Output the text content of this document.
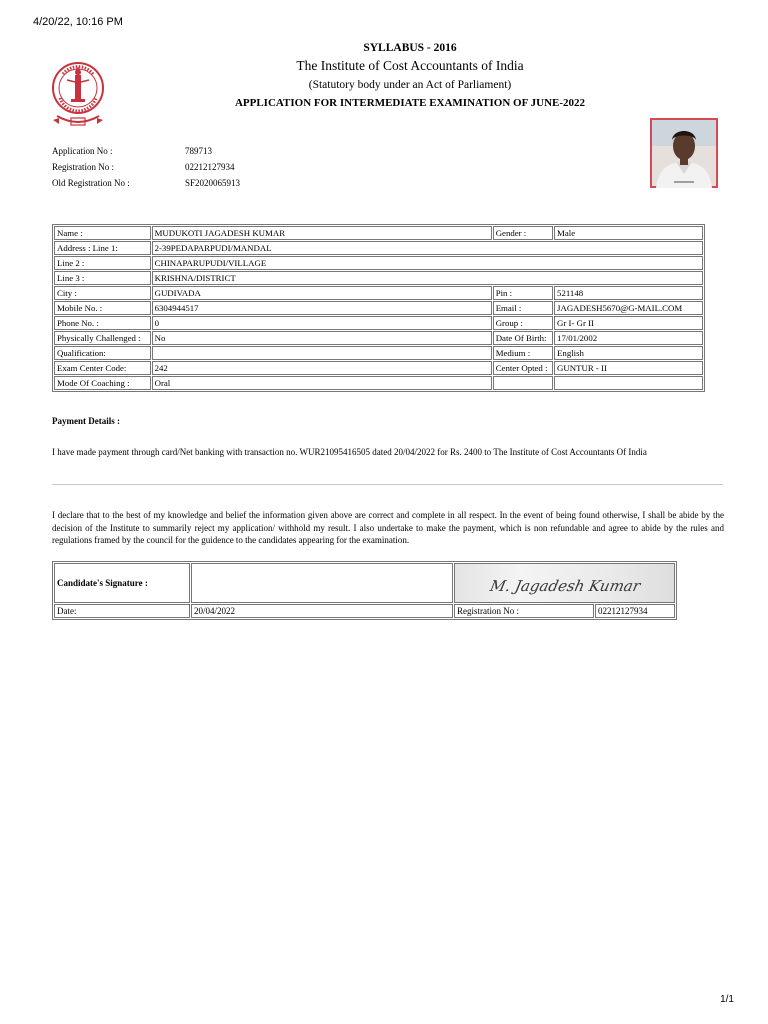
4/20/22, 10:16 PM
SYLLABUS - 2016
The Institute of Cost Accountants of India
(Statutory body under an Act of Parliament)
APPLICATION FOR INTERMEDIATE EXAMINATION OF JUNE-2022
Application No :	789713
Registration No :	02212127934
Old Registration No :	SF2020065913
Name :	MUDUKOTI JAGADESH KUMAR	Gender :	Male
Address : Line 1:	2-39PEDAPARPUDI/MANDAL		
Line 2 :	CHINAPARUPUDI/VILLAGE		
Line 3 :	KRISHNA/DISTRICT		
City :	GUDIVADA	Pin :	521148
Mobile No. :	6304944517	Email :	JAGADESH5670@G-MAIL.COM
Phone No. :	0	Group :	Gr I- Gr II
Physically Challenged :	No	Date Of Birth:	17/01/2002
Qualification:		Medium :	English
Exam Center Code:	242	Center Opted :	GUNTUR - II
Mode Of Coaching :	Oral		
Payment Details :
I have made payment through card/Net banking with transaction no. WUR21095416505 dated 20/04/2022 for Rs. 2400 to The Institute of Cost Accountants Of India
I declare that to the best of my knowledge and belief the information given above are correct and complete in all respect. In the event of being found otherwise, I shall be abide by the decision of the Institute to summarily reject my application/ withhold my result. I also undertake to make the payment, which is non refundable and agree to abide by the rules and regulations framed by the council for the guidence to the candidates appearing for the examination.
Candidate's Signature :		M. Jagadesh Kumar	

Date:	20/04/2022	Registration No :	02212127934
1/1
